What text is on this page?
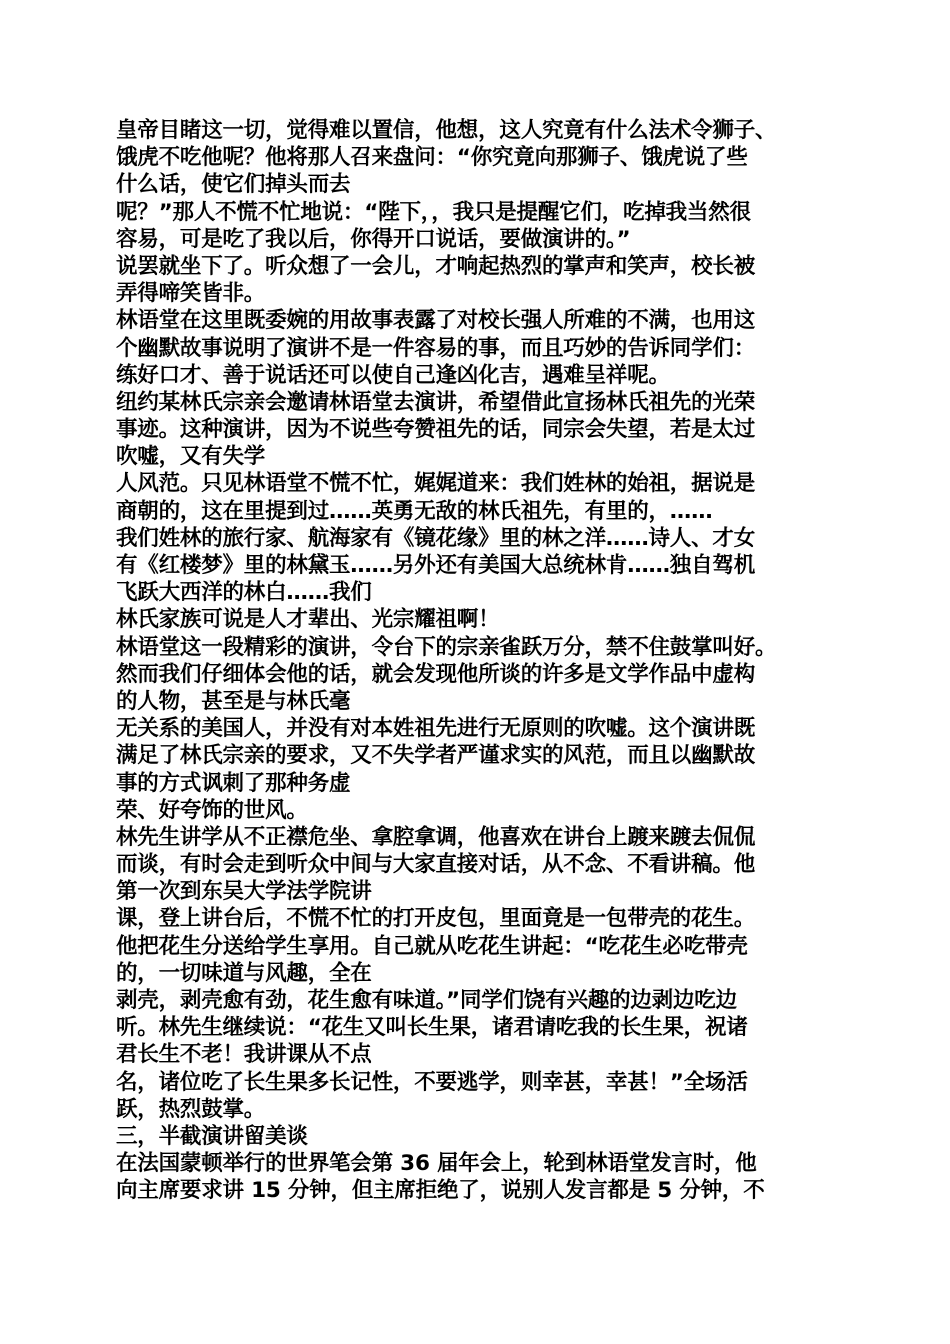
皇帝目睹这一切，觉得难以置信，他想，这人究竟有什么法术令狮子、
饿虎不吃他呢？他将那人召来盘问：“你究竟向那狮子、饿虎说了些
什么话，使它们掉头而去
呢？”那人不慌不忙地说：“陛下，，我只是提醒它们，吃掉我当然很
容易，可是吃了我以后，你得开口说话，要做演讲的。”
说罢就坐下了。听众想了一会儿，才响起热烈的掌声和笑声，校长被
弄得啼笑皆非。
林语堂在这里既委婉的用故事表露了对校长强人所难的不满，也用这
个幽默故事说明了演讲不是一件容易的事，而且巧妙的告诉同学们：
练好口才、善于说话还可以使自己逢凶化吉，遇难呈祥呢。
纽约某林氏宗亲会邀请林语堂去演讲，希望借此宣扬林氏祖先的光荣
事迹。这种演讲，因为不说些夸赞祖先的话，同宗会失望，若是太过
吹嘘，又有失学
人风范。只见林语堂不慌不忙，娓娓道来：我们姓林的始祖，据说是
商朝的，这在里提到过……英勇无敌的林氏祖先，有里的，……
我们姓林的旅行家、航海家有《镜花缘》里的林之洋……诗人、才女
有《红楼梦》里的林黛玉……另外还有美国大总统林肯……独自驾机
飞跃大西洋的林白……我们
林氏家族可说是人才辈出、光宗耀祖啊！
林语堂这一段精彩的演讲，令台下的宗亲雀跃万分，禁不住鼓掌叫好。
然而我们仔细体会他的话，就会发现他所谈的许多是文学作品中虚构
的人物，甚至是与林氏毫
无关系的美国人，并没有对本姓祖先进行无原则的吹嘘。这个演讲既
满足了林氏宗亲的要求，又不失学者严谨求实的风范，而且以幽默故
事的方式讽刺了那种务虚
荣、好夸饰的世风。
林先生讲学从不正襟危坐、拿腔拿调，他喜欢在讲台上踱来踱去侃侃
而谈，有时会走到听众中间与大家直接对话，从不念、不看讲稿。他
第一次到东吴大学法学院讲
课，登上讲台后，不慌不忙的打开皮包，里面竟是一包带壳的花生。
他把花生分送给学生享用。自己就从吃花生讲起：“吃花生必吃带壳
的，一切味道与风趣，全在
剥壳，剥壳愈有劲，花生愈有味道。”同学们饶有兴趣的边剥边吃边
听。林先生继续说：“花生又叫长生果，诸君请吃我的长生果，祝诸
君长生不老！我讲课从不点
名，诸位吃了长生果多长记性，不要逃学，则幸甚，幸甚！”全场活
跃，热烈鼓掌。
三，半截演讲留美谈
在法国蒙顿举行的世界笔会第 36 届年会上，轮到林语堂发言时，他
向主席要求讲 15 分钟，但主席拒绝了，说别人发言都是 5 分钟，不
